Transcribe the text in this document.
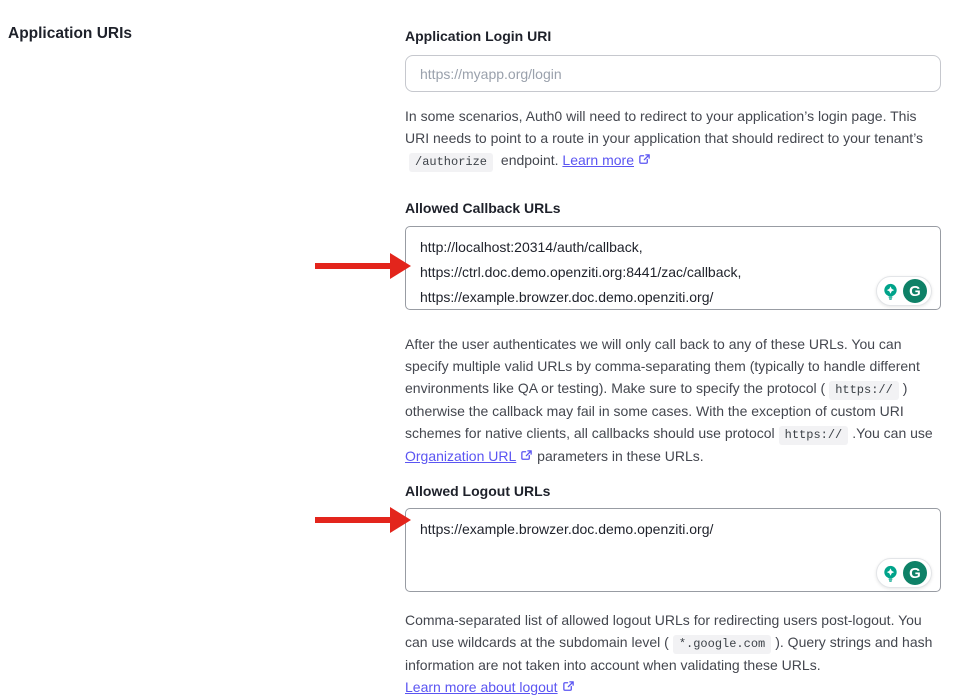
Application URIs	Application Login URI
https://myapp.org/login

In some scenarios, Auth0 will need to redirect to your application’s login page. This URI needs to point to a route in your application that should redirect to your tenant’s/authorize endpoint. Learn more

Allowed Callback URLs
http://localhost:20314/auth/callback, https://ctrl.doc.demo.openziti.org:8441/zac/callback, https://example.browzer.doc.demo.openziti.org/
G

After the user authenticates we will only call back to any of these URLs. You can specify multiple valid URLs by comma-separating them (typically to handle different environments like QA or testing). Make sure to specify the protocol ( https:// ) otherwise the callback may fail in some cases. With the exception of custom URI schemes for native clients, all callbacks should use protocol https:// .You can use Organization URL parameters in these URLs.

Allowed Logout URLs
https://example.browzer.doc.demo.openziti.org/
G

Comma-separated list of allowed logout URLs for redirecting users post-logout. You can use wildcards at the subdomain level ( *.google.com ). Query strings and hash information are not taken into account when validating these URLs. Learn more about logout
